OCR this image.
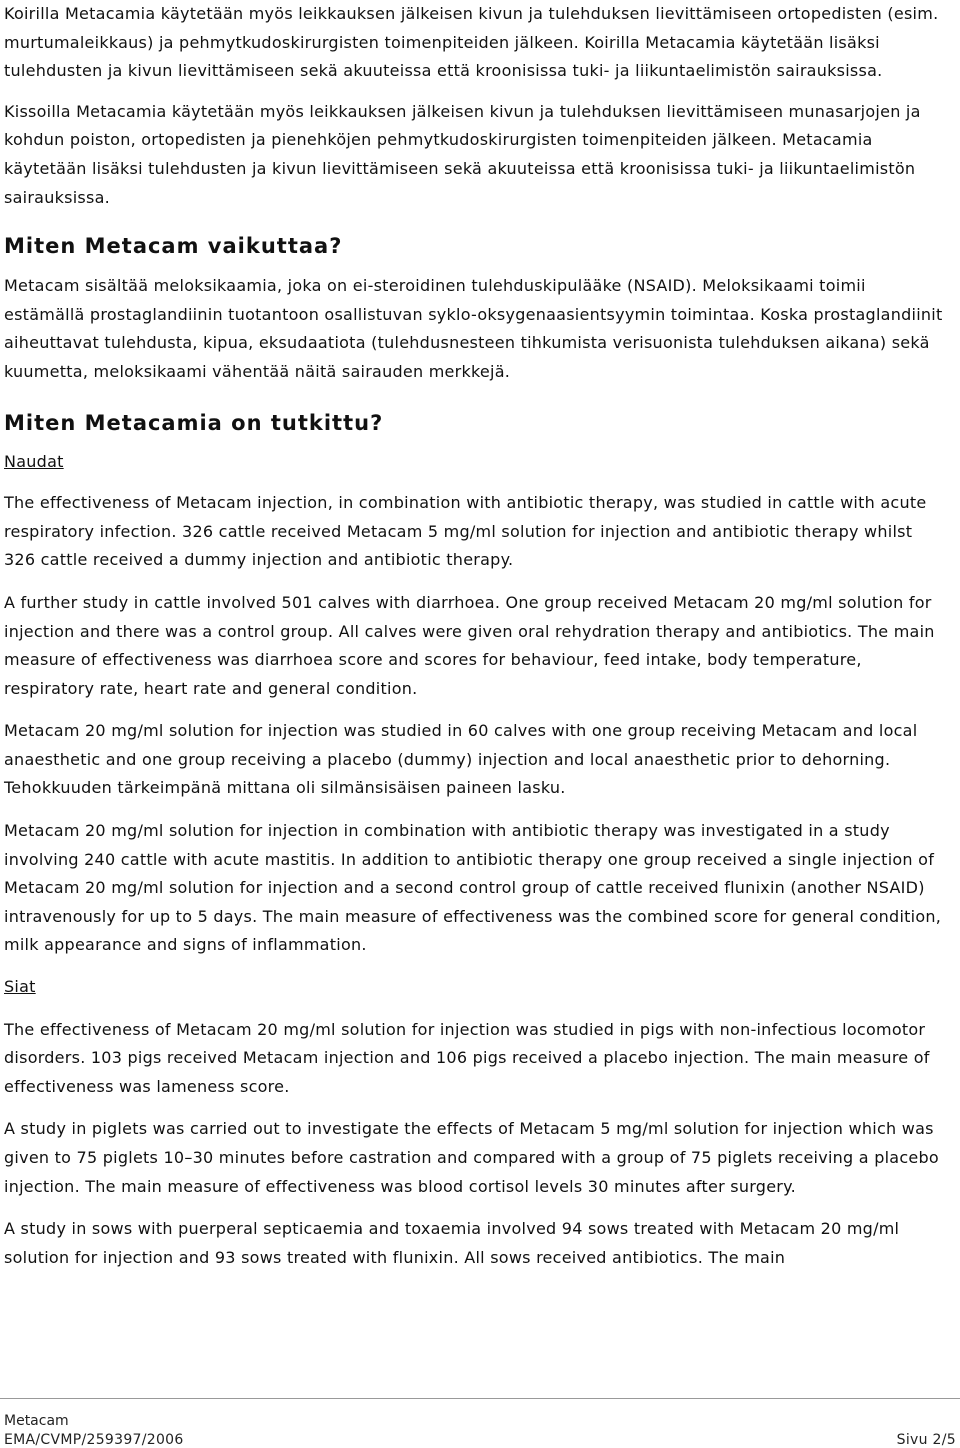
Koirilla Metacamia käytetään myös leikkauksen jälkeisen kivun ja tulehduksen lievittämiseen ortopedisten (esim. murtumaleikkaus) ja pehmytkudoskirurgisten toimenpiteiden jälkeen. Koirilla Metacamia käytetään lisäksi tulehdusten ja kivun lievittämiseen sekä akuuteissa että kroonisissa tuki- ja liikuntaelimistön sairauksissa.

Kissoilla Metacamia käytetään myös leikkauksen jälkeisen kivun ja tulehduksen lievittämiseen munasarjojen ja kohdun poiston, ortopedisten ja pienehköjen pehmytkudoskirurgisten toimenpiteiden jälkeen. Metacamia käytetään lisäksi tulehdusten ja kivun lievittämiseen sekä akuuteissa että kroonisissa tuki- ja liikuntaelimistön sairauksissa.

Miten Metacam vaikuttaa?

Metacam sisältää meloksikaamia, joka on ei-steroidinen tulehduskipulääke (NSAID). Meloksikaami toimii estämällä prostaglandiinin tuotantoon osallistuvan syklo-oksygenaasientsyymin toimintaa. Koska prostaglandiinit aiheuttavat tulehdusta, kipua, eksudaatiota (tulehdusnesteen tihkumista verisuonista tulehduksen aikana) sekä kuumetta, meloksikaami vähentää näitä sairauden merkkejä.

Miten Metacamia on tutkittu?
Naudat

The effectiveness of Metacam injection, in combination with antibiotic therapy, was studied in cattle with acute respiratory infection. 326 cattle received Metacam 5 mg/ml solution for injection and antibiotic therapy whilst 326 cattle received a dummy injection and antibiotic therapy.

A further study in cattle involved 501 calves with diarrhoea. One group received Metacam 20 mg/ml solution for injection and there was a control group. All calves were given oral rehydration therapy and antibiotics. The main measure of effectiveness was diarrhoea score and scores for behaviour, feed intake, body temperature, respiratory rate, heart rate and general condition.

Metacam 20 mg/ml solution for injection was studied in 60 calves with one group receiving Metacam and local anaesthetic and one group receiving a placebo (dummy) injection and local anaesthetic prior to dehorning. Tehokkuuden tärkeimpänä mittana oli silmänsisäisen paineen lasku.

Metacam 20 mg/ml solution for injection in combination with antibiotic therapy was investigated in a study involving 240 cattle with acute mastitis. In addition to antibiotic therapy one group received a single injection of Metacam 20 mg/ml solution for injection and a second control group of cattle received flunixin (another NSAID) intravenously for up to 5 days. The main measure of effectiveness was the combined score for general condition, milk appearance and signs of inflammation.

Siat

The effectiveness of Metacam 20 mg/ml solution for injection was studied in pigs with non-infectious locomotor disorders. 103 pigs received Metacam injection and 106 pigs received a placebo injection. The main measure of effectiveness was lameness score.

A study in piglets was carried out to investigate the effects of Metacam 5 mg/ml solution for injection which was given to 75 piglets 10–30 minutes before castration and compared with a group of 75 piglets receiving a placebo injection. The main measure of effectiveness was blood cortisol levels 30 minutes after surgery.

A study in sows with puerperal septicaemia and toxaemia involved 94 sows treated with Metacam 20 mg/ml solution for injection and 93 sows treated with flunixin. All sows received antibiotics. The main

Metacam
EMA/CVMP/259397/2006	Sivu 2/5
